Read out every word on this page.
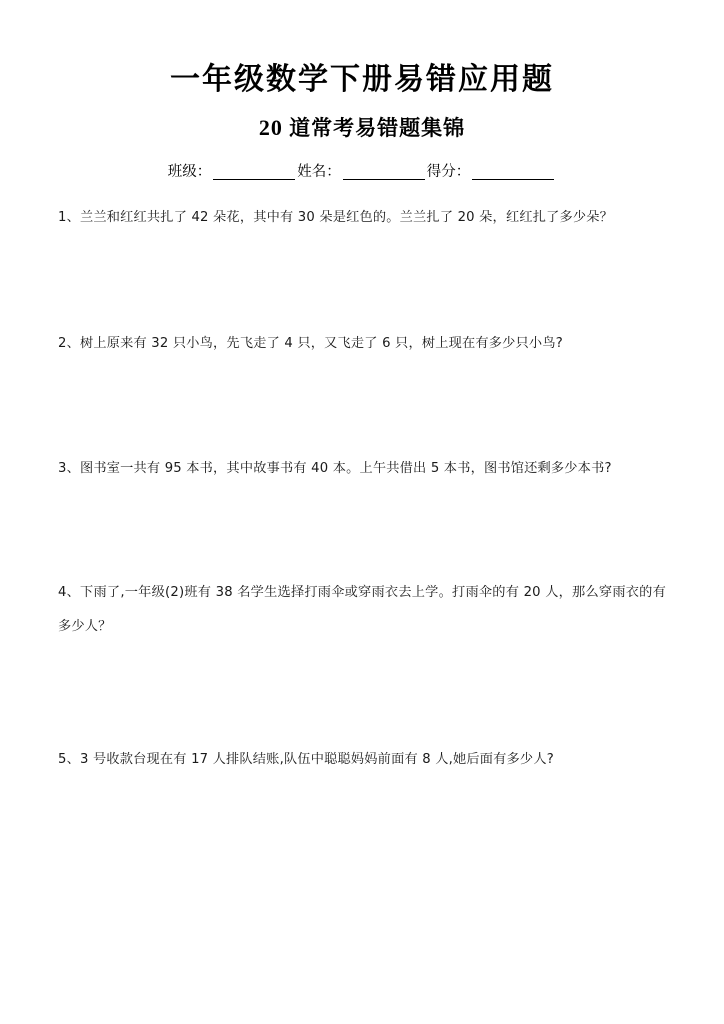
一年级数学下册易错应用题
20 道常考易错题集锦
班级：	姓名：	得分：

1、兰兰和红红共扎了 42 朵花，其中有 30 朵是红色的。兰兰扎了 20 朵，红红扎了多少朵？

2、树上原来有 32 只小鸟，先飞走了 4 只，又飞走了 6 只，树上现在有多少只小鸟?

3、图书室一共有 95 本书，其中故事书有 40 本。上午共借出 5 本书，图书馆还剩多少本书?

4、下雨了,一年级(2)班有 38 名学生选择打雨伞或穿雨衣去上学。打雨伞的有 20 人，那么穿雨衣的有多少人？

5、3 号收款台现在有 17 人排队结账,队伍中聪聪妈妈前面有 8 人,她后面有多少人?
